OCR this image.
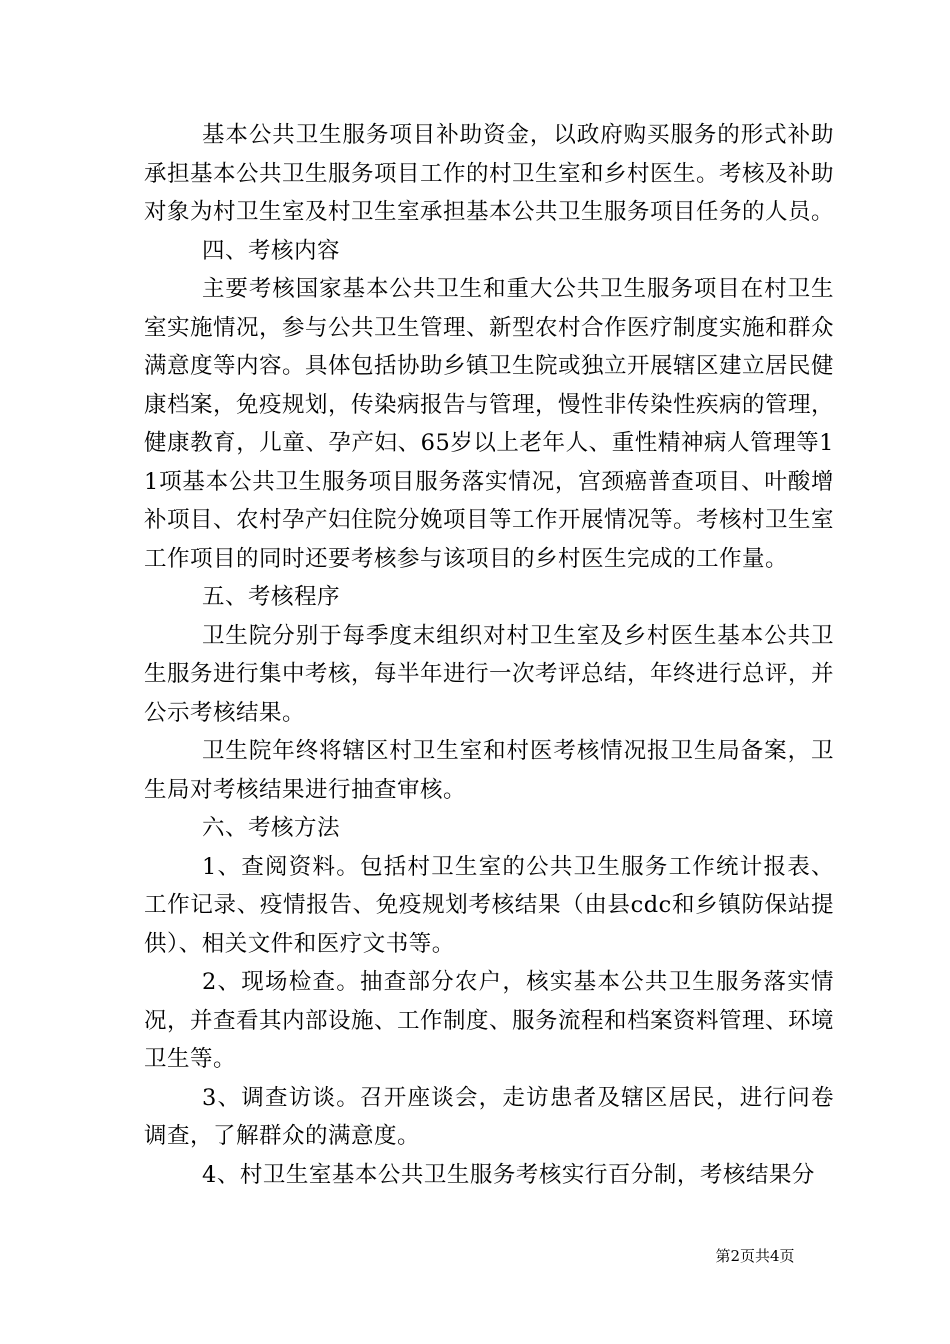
基本公共卫生服务项目补助资金，以政府购买服务的形式补助承担基本公共卫生服务项目工作的村卫生室和乡村医生。考核及补助对象为村卫生室及村卫生室承担基本公共卫生服务项目任务的人员。

四、考核内容

主要考核国家基本公共卫生和重大公共卫生服务项目在村卫生室实施情况，参与公共卫生管理、新型农村合作医疗制度实施和群众满意度等内容。具体包括协助乡镇卫生院或独立开展辖区建立居民健康档案，免疫规划，传染病报告与管理，慢性非传染性疾病的管理，健康教育，儿童、孕产妇、65岁以上老年人、重性精神病人管理等11项基本公共卫生服务项目服务落实情况，宫颈癌普查项目、叶酸增补项目、农村孕产妇住院分娩项目等工作开展情况等。考核村卫生室工作项目的同时还要考核参与该项目的乡村医生完成的工作量。

五、考核程序

卫生院分别于每季度末组织对村卫生室及乡村医生基本公共卫生服务进行集中考核，每半年进行一次考评总结，年终进行总评，并公示考核结果。

卫生院年终将辖区村卫生室和村医考核情况报卫生局备案，卫生局对考核结果进行抽查审核。

六、考核方法

1、查阅资料。包括村卫生室的公共卫生服务工作统计报表、工作记录、疫情报告、免疫规划考核结果（由县cdc和乡镇防保站提供）、相关文件和医疗文书等。

2、现场检查。抽查部分农户，核实基本公共卫生服务落实情况，并查看其内部设施、工作制度、服务流程和档案资料管理、环境卫生等。

3、调查访谈。召开座谈会，走访患者及辖区居民，进行问卷调查，了解群众的满意度。

4、村卫生室基本公共卫生服务考核实行百分制，考核结果分

第2页共4页
